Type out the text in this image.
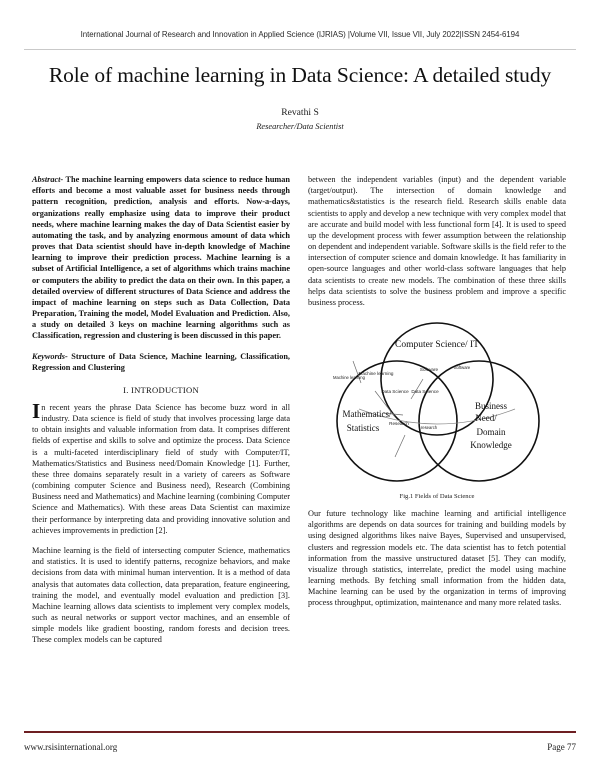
International Journal of Research and Innovation in Applied Science (IJRIAS) |Volume VII, Issue VII, July 2022|ISSN 2454-6194
Role of machine learning in Data Science: A detailed study
Revathi S
Researcher/Data Scientist

Abstract- The machine learning empowers data science to reduce human efforts and become a most valuable asset for business needs through pattern recognition, prediction, analysis and efforts. Now-a-days, organizations really emphasize using data to improve their product needs, where machine learning makes the day of Data Scientist easier by automating the task, and by analyzing enormous amount of data which proves that Data scientist should have in-depth knowledge of Machine learning to improve their prediction process. Machine learning is a subset of Artificial Intelligence, a set of algorithms which trains machine or computers the ability to predict the data on their own. In this paper, a detailed overview of different structures of Data Science and address the impact of machine learning on steps such as Data Collection, Data Preparation, Training the model, Model Evaluation and Prediction. Also, a study on detailed 3 keys on machine learning algorithms such as Classification, regression and clustering is been discussed in this paper.

Keywords- Structure of Data Science, Machine learning, Classification, Regression and Clustering

I. INTRODUCTION

In recent years the phrase Data Science has become buzz word in all industry. Data science is field of study that involves processing large data to obtain insights and valuable information from data. It comprises different fields of expertise and skills to solve and optimize the process. Data Science is a multi-faceted interdisciplinary field of study with Computer/IT, Mathematics/Statistics and Business need/Domain Knowledge [1]. Further, these three domains separately result in a variety of careers as Software (combining computer Science and Business need), Research (Combining Business need and Mathematics) and Machine learning (combining Computer Science and Mathematics). With these areas Data Scientist can maximize their performance by interpreting data and providing innovative solution and achieves improvements in prediction [2].

Machine learning is the field of intersecting computer Science, mathematics and statistics. It is used to identify patterns, recognize behaviors, and make decisions from data with minimal human intervention. It is a method of data analysis that automates data collection, data preparation, feature engineering, training the model, and eventually model evaluation and prediction [3]. Machine learning allows data scientists to implement very complex models, such as neural networks or support vector machines, and an ensemble of simple models like gradient boosting, random forests and decision trees. These complex models can be captured

between the independent variables (input) and the dependent variable (target/output). The intersection of domain knowledge and mathematics&statistics is the research field. Research skills enable data scientists to apply and develop a new technique with very complex model that are accurate and build model with less functional form [4]. It is used to speed up the development process with fewer assumption between the relationship on dependent and independent variable. Software skills is the field refer to the intersection of computer science and domain knowledge. It has familiarity in open-source languages and other world-class software languages that help data scientists to create new models. The combination of these three skills helps data scientists to solve the business problem and improve a specific business process.

Computer Science/ IT
Mathematics/
Statistics
Business
Need/
Domain
Knowledge
Machine learning
Machine learning
Software	Software
Data Science Data Science
Research
research
Fig.1 Fields of Data Science

Our future technology like machine learning and artificial intelligence algorithms are depends on data sources for training and building models by using designed algorithms likes naive Bayes, Supervised and unsupervised, clusters and regression models etc. The data scientist has to fetch potential information from the massive unstructured dataset [5]. They can modify, visualize through statistics, interrelate, predict the model using machine learning methods. By fetching small information from the hidden data, Machine learning can be used by the organization in terms of improving process throughput, optimization, maintenance and many more related tasks.

www.rsisinternational.org	Page 77
